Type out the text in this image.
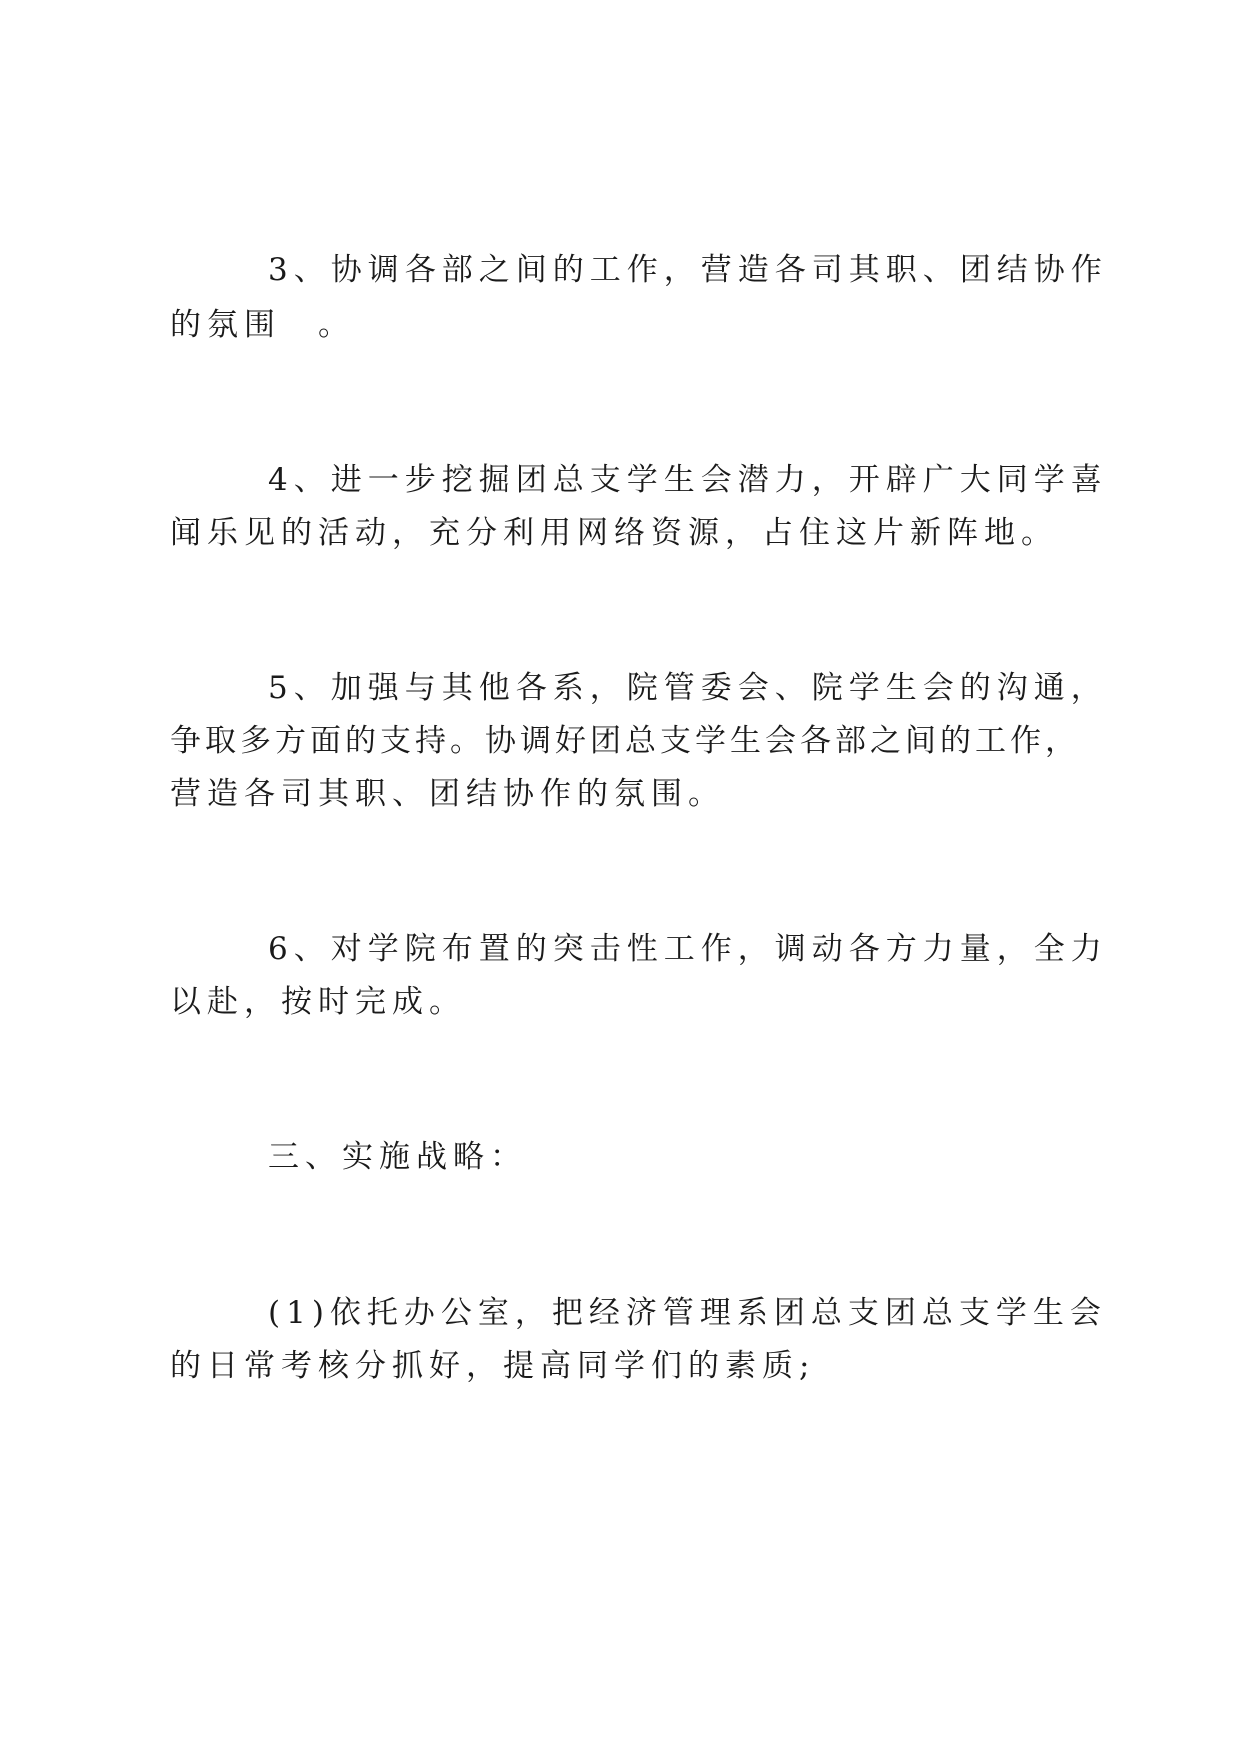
3、协调各部之间的工作，营造各司其职、团结协作
的氛围　。
4、进一步挖掘团总支学生会潜力，开辟广大同学喜
闻乐见的活动，充分利用网络资源，占住这片新阵地。
5、加强与其他各系，院管委会、院学生会的沟通，
争取多方面的支持。协调好团总支学生会各部之间的工作，
营造各司其职、团结协作的氛围。
6、对学院布置的突击性工作，调动各方力量，全力
以赴，按时完成。
三、实施战略：
(1)依托办公室，把经济管理系团总支团总支学生会
的日常考核分抓好，提高同学们的素质;
